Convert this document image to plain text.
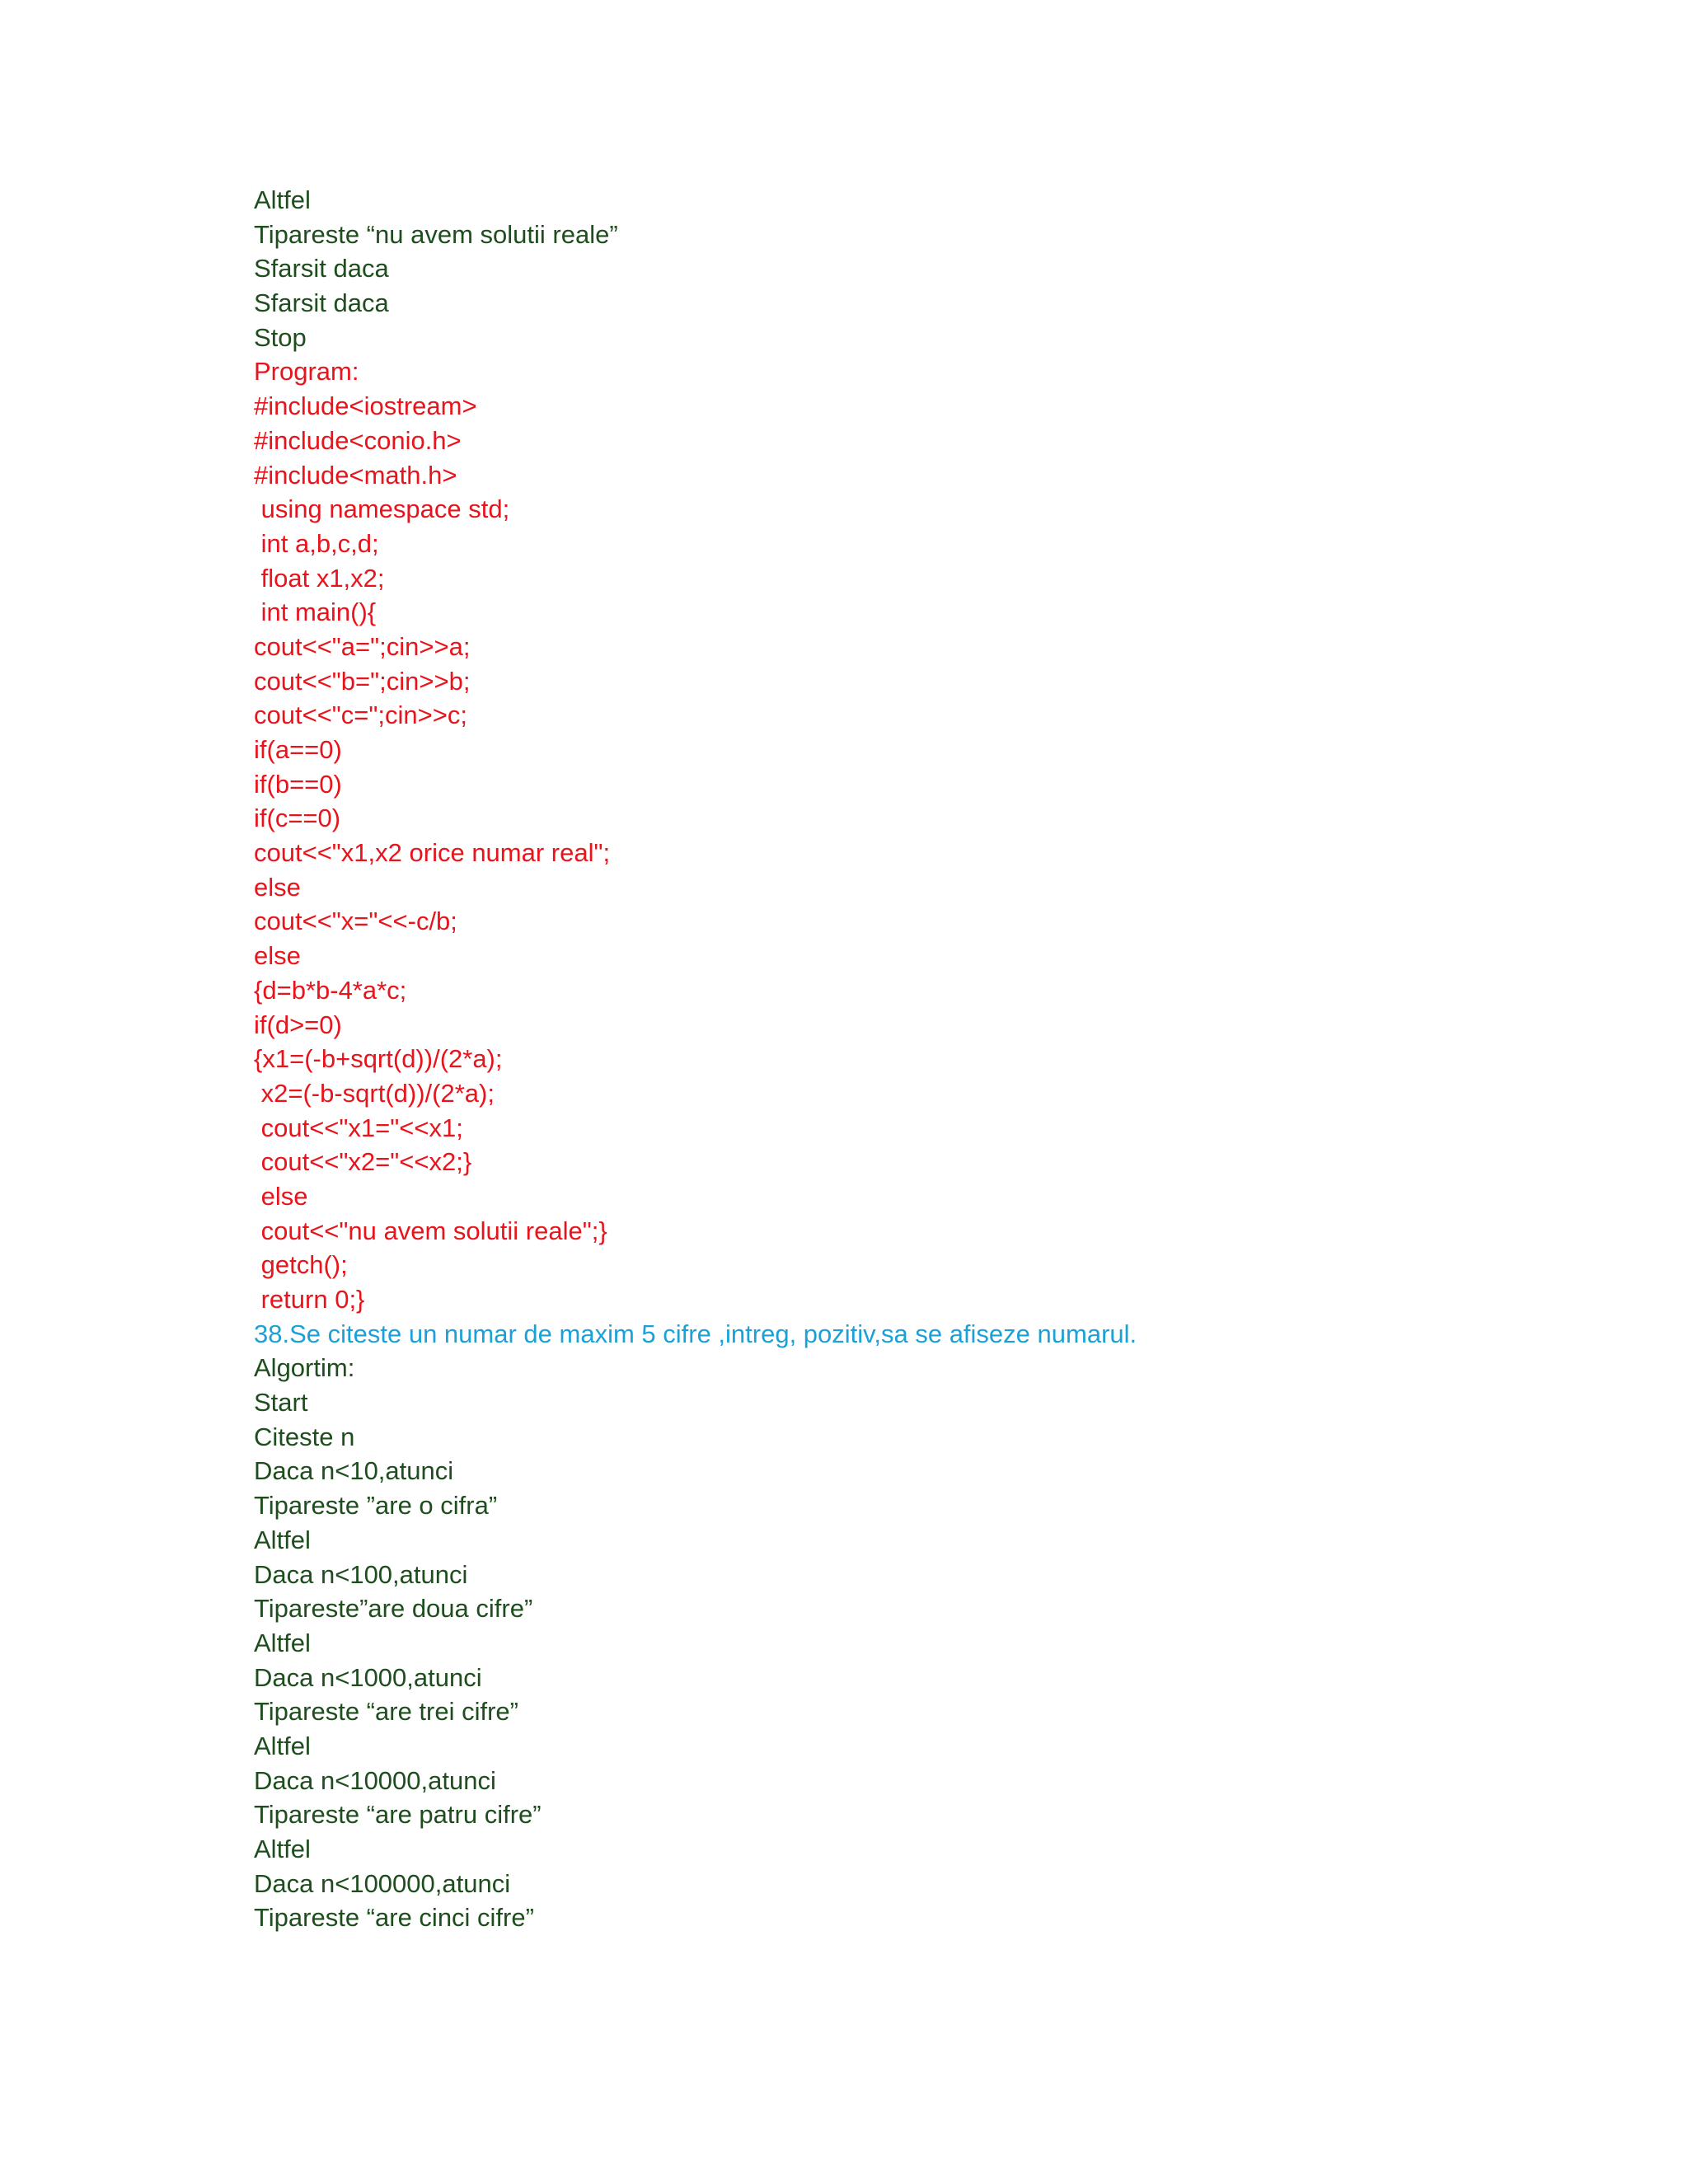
Altfel
Tipareste “nu avem solutii reale”
Sfarsit daca
Sfarsit daca
Stop
Program:
#include<iostream>
#include<conio.h>
#include<math.h>
using namespace std;
int a,b,c,d;
float x1,x2;
int main(){
cout<<"a=";cin>>a;
cout<<"b=";cin>>b;
cout<<"c=";cin>>c;
if(a==0)
if(b==0)
if(c==0)
cout<<"x1,x2 orice numar real";
else
cout<<"x="<<-c/b;
else
{d=b*b-4*a*c;
if(d>=0)
{x1=(-b+sqrt(d))/(2*a);
x2=(-b-sqrt(d))/(2*a);
cout<<"x1="<<x1;
cout<<"x2="<<x2;}
else
cout<<"nu avem solutii reale";}
getch();
return 0;}
38.Se citeste un numar de maxim 5 cifre ,intreg, pozitiv,sa se afiseze numarul.
Algortim:
Start
Citeste n
Daca n<10,atunci
Tipareste ”are o cifra”
Altfel
Daca n<100,atunci
Tipareste”are doua cifre”
Altfel
Daca n<1000,atunci
Tipareste “are trei cifre”
Altfel
Daca n<10000,atunci
Tipareste “are patru cifre”
Altfel
Daca n<100000,atunci
Tipareste “are cinci cifre”
